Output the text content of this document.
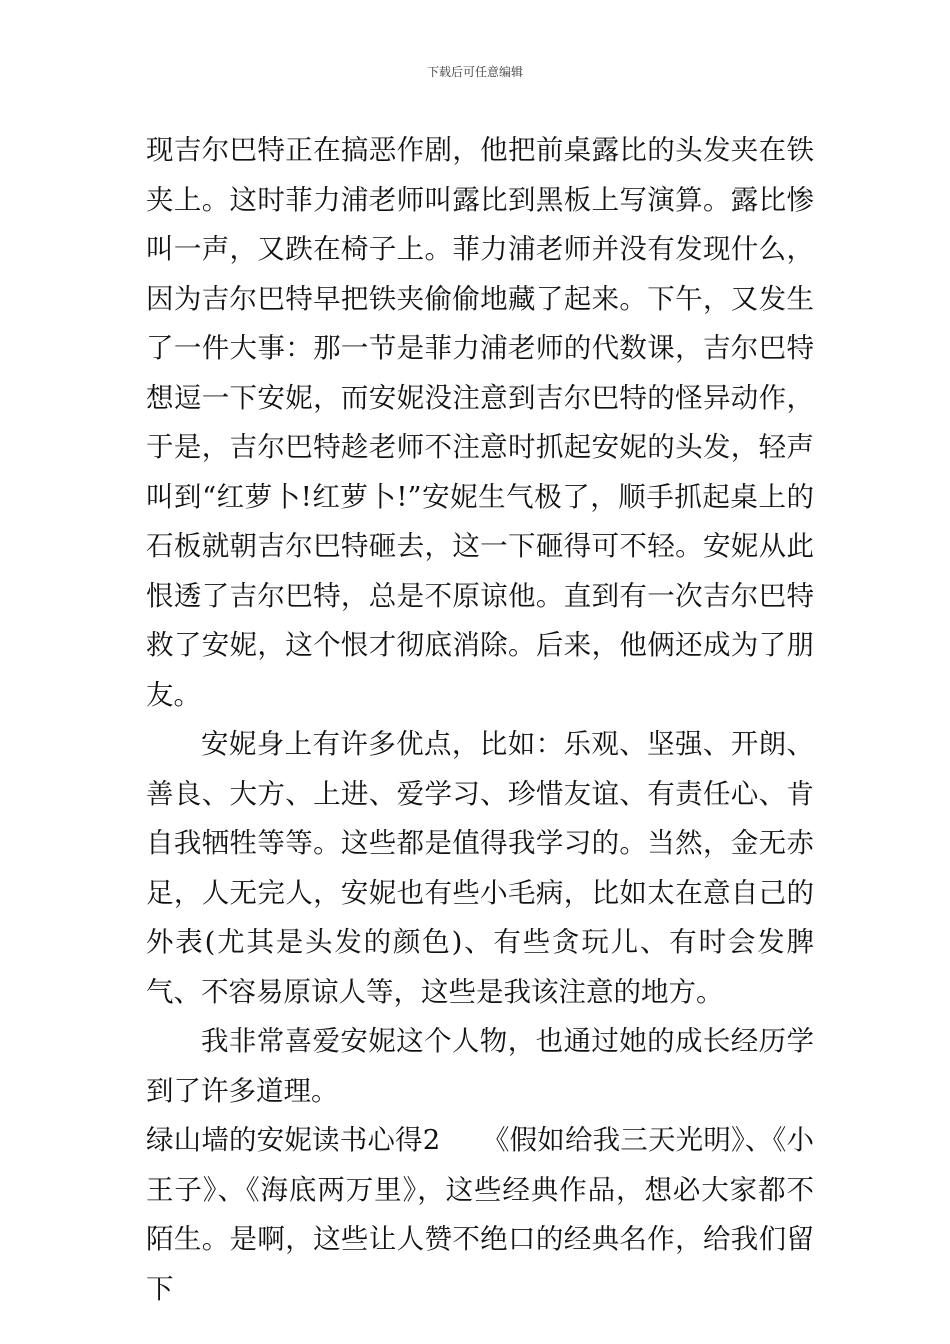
下载后可任意编辑

现吉尔巴特正在搞恶作剧，他把前桌露比的头发夹在铁夹上。这时菲力浦老师叫露比到黑板上写演算。露比惨叫一声，又跌在椅子上。菲力浦老师并没有发现什么，因为吉尔巴特早把铁夹偷偷地藏了起来。下午，又发生了一件大事：那一节是菲力浦老师的代数课，吉尔巴特想逗一下安妮，而安妮没注意到吉尔巴特的怪异动作，于是，吉尔巴特趁老师不注意时抓起安妮的头发，轻声叫到“红萝卜!红萝卜!”安妮生气极了，顺手抓起桌上的石板就朝吉尔巴特砸去，这一下砸得可不轻。安妮从此恨透了吉尔巴特，总是不原谅他。直到有一次吉尔巴特救了安妮，这个恨才彻底消除。后来，他俩还成为了朋友。

安妮身上有许多优点，比如：乐观、坚强、开朗、善良、大方、上进、爱学习、珍惜友谊、有责任心、肯自我牺牲等等。这些都是值得我学习的。当然，金无赤足，人无完人，安妮也有些小毛病，比如太在意自己的外表(尤其是头发的颜色)、有些贪玩儿、有时会发脾气、不容易原谅人等，这些是我该注意的地方。

我非常喜爱安妮这个人物，也通过她的成长经历学到了许多道理。

绿山墙的安妮读书心得2　　《假如给我三天光明》、《小王子》、《海底两万里》，这些经典作品，想必大家都不陌生。是啊，这些让人赞不绝口的经典名作，给我们留下
